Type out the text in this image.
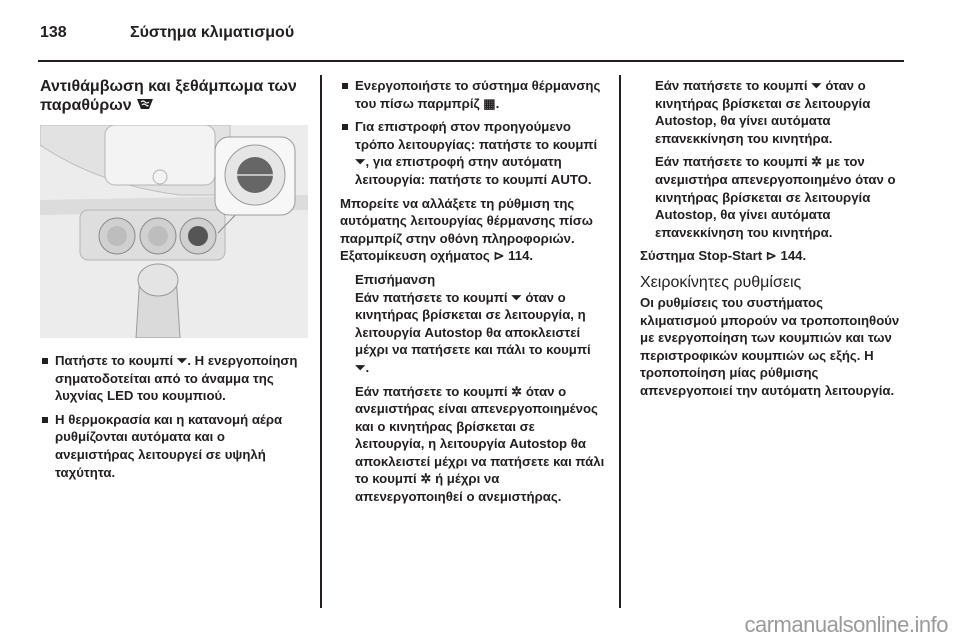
138	Σύστημα κλιματισμού
Αντιθάμβωση και ξεθάμπωμα των παραθύρων
Πατήστε το κουμπί ⏷. Η ενεργοποίηση σηματοδοτείται από το άναμμα της λυχνίας LED του κουμπιού.
Η θερμοκρασία και η κατανομή αέρα ρυθμίζονται αυτόματα και ο ανεμιστήρας λειτουργεί σε υψηλή ταχύτητα.
Ενεργοποιήστε το σύστημα θέρμανσης του πίσω παρμπρίζ ▦.
Για επιστροφή στον προηγούμενο τρόπο λειτουργίας: πατήστε το κουμπί ⏷, για επιστροφή στην αυτόματη λειτουργία: πατήστε το κουμπί AUTO.

Μπορείτε να αλλάξετε τη ρύθμιση της αυτόματης λειτουργίας θέρμανσης πίσω παρμπρίζ στην οθόνη πληροφοριών. Εξατομίκευση οχήματος ⊳ 114.

Επισήμανση

Εάν πατήσετε το κουμπί ⏷ όταν ο κινητήρας βρίσκεται σε λειτουργία, η λειτουργία Autostop θα αποκλειστεί μέχρι να πατήσετε και πάλι το κουμπί ⏷.

Εάν πατήσετε το κουμπί ✲ όταν ο ανεμιστήρας είναι απενεργοποιημένος και ο κινητήρας βρίσκεται σε λειτουργία, η λειτουργία Autostop θα αποκλειστεί μέχρι να πατήσετε και πάλι το κουμπί ✲ ή μέχρι να απενεργοποιηθεί ο ανεμιστήρας.

Εάν πατήσετε το κουμπί ⏷ όταν ο κινητήρας βρίσκεται σε λειτουργία Autostop, θα γίνει αυτόματα επανεκκίνηση του κινητήρα.

Εάν πατήσετε το κουμπί ✲ με τον ανεμιστήρα απενεργοποιημένο όταν ο κινητήρας βρίσκεται σε λειτουργία Autostop, θα γίνει αυτόματα επανεκκίνηση του κινητήρα.

Σύστημα Stop-Start ⊳ 144.

Χειροκίνητες ρυθμίσεις

Οι ρυθμίσεις του συστήματος κλιματισμού μπορούν να τροποποιηθούν με ενεργοποίηση των κουμπιών και των περιστροφικών κουμπιών ως εξής. Η τροποποίηση μίας ρύθμισης απενεργοποιεί την αυτόματη λειτουργία.

carmanualsonline.info
